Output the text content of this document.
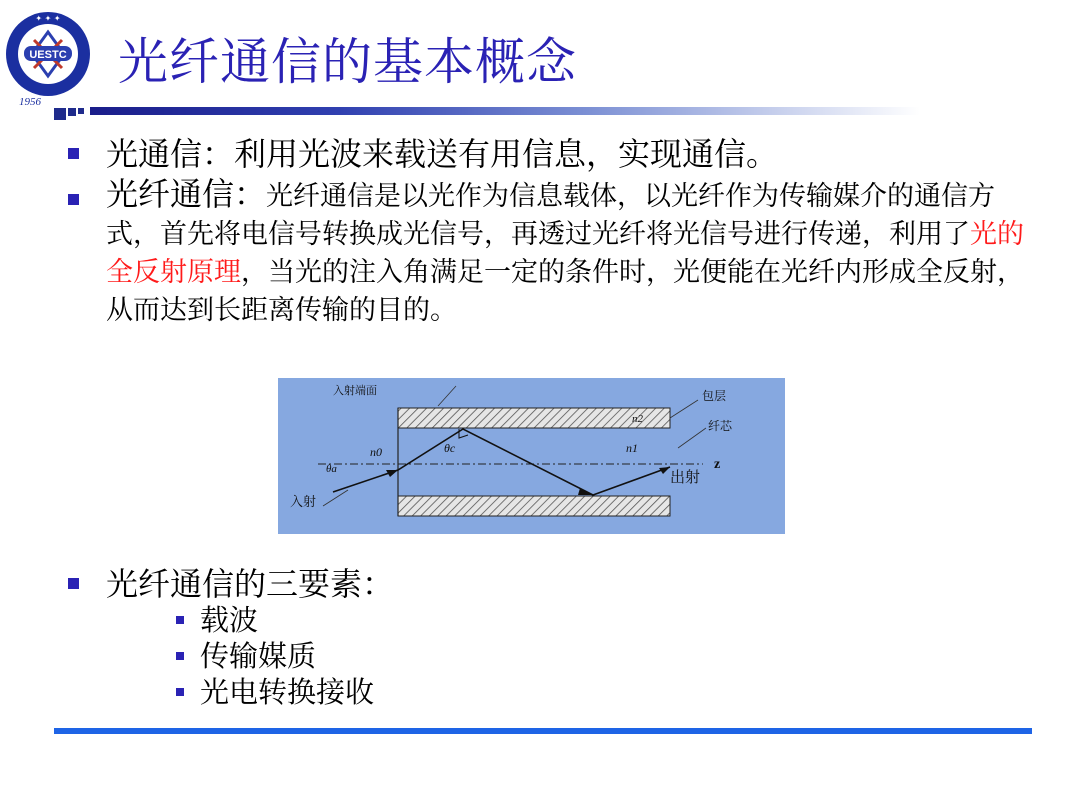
UESTC
1956
✦ ✦ ✦
光纤通信的基本概念

光通信：利用光波来载送有用信息，实现通信。

光纤通信：光纤通信是以光作为信息载体，以光纤作为传输媒介的通信方式，首先将电信号转换成光信号，再透过光纤将光信号进行传递，利用了光的全反射原理，当光的注入角满足一定的条件时，光便能在光纤内形成全反射，从而达到长距离传输的目的。

入射端面	包层
纤芯
出射
入射
z
n0	n1
n2
θc
θa

光纤通信的三要素：

载波
传输媒质
光电转换接收
